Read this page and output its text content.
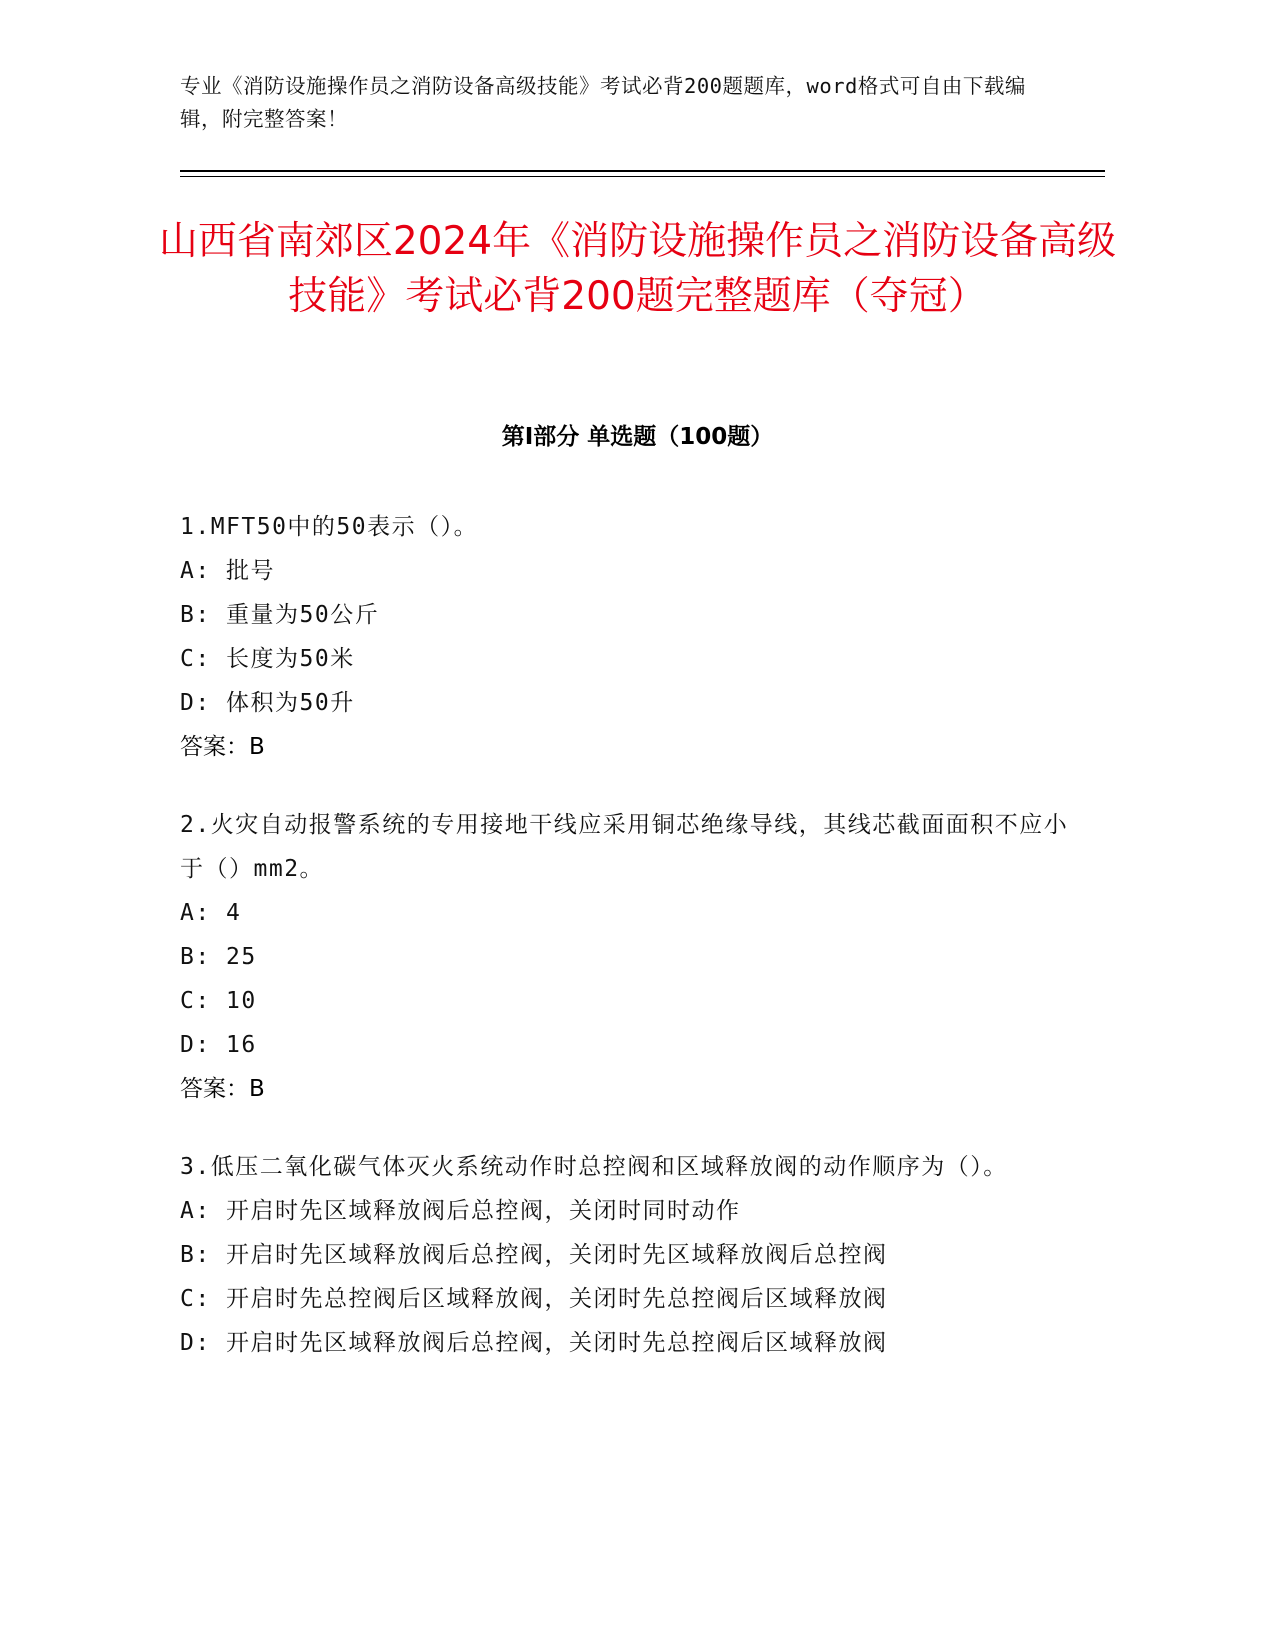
专业《消防设施操作员之消防设备高级技能》考试必背200题题库，word格式可自由下载编辑，附完整答案！
山西省南郊区2024年《消防设施操作员之消防设备高级技能》考试必背200题完整题库（夺冠）
第Ⅰ部分 单选题（100题）
1.MFT50中的50表示（）。
A: 批号
B: 重量为50公斤
C: 长度为50米
D: 体积为50升
答案：B
2.火灾自动报警系统的专用接地干线应采用铜芯绝缘导线，其线芯截面面积不应小于（）mm2。
A: 4
B: 25
C: 10
D: 16
答案：B
3.低压二氧化碳气体灭火系统动作时总控阀和区域释放阀的动作顺序为（）。
A: 开启时先区域释放阀后总控阀，关闭时同时动作
B: 开启时先区域释放阀后总控阀，关闭时先区域释放阀后总控阀
C: 开启时先总控阀后区域释放阀，关闭时先总控阀后区域释放阀
D: 开启时先区域释放阀后总控阀，关闭时先总控阀后区域释放阀
